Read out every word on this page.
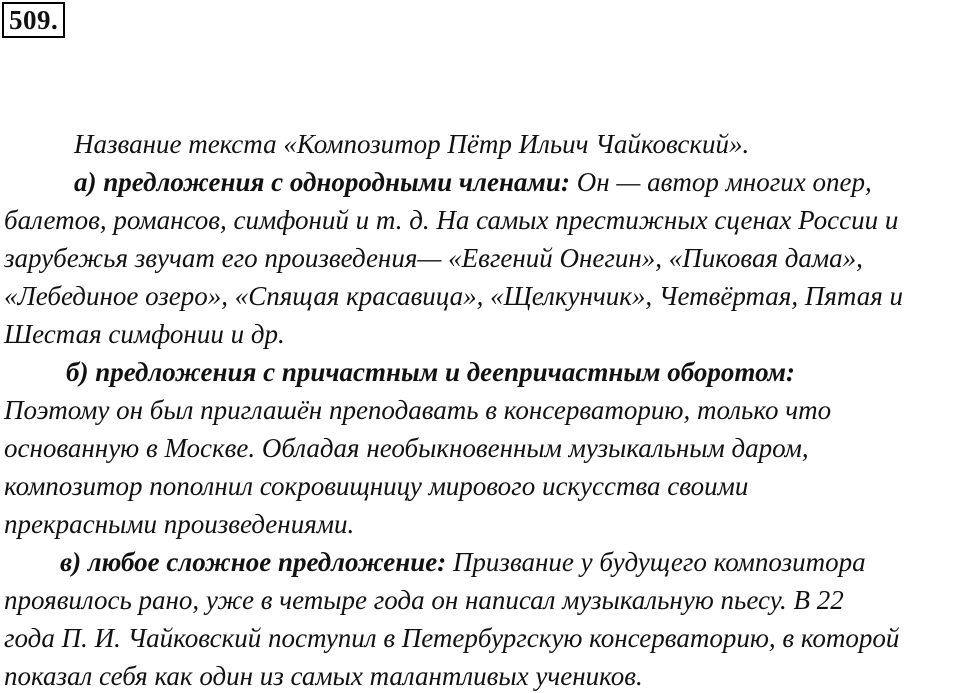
509.
Название текста «Композитор Пётр Ильич Чайковский».
а) предложения с однородными членами: Он — автор многих опер,
балетов, романсов, симфоний и т. д. На самых престижных сценах России и
зарубежья звучат его произведения— «Евгений Онегин», «Пиковая дама»,
«Лебединое озеро», «Спящая красавица», «Щелкунчик», Четвёртая, Пятая и
Шестая симфонии и др.
б) предложения с причастным и деепричастным оборотом:
Поэтому он был приглашён преподавать в консерваторию, только что
основанную в Москве. Обладая необыкновенным музыкальным даром,
композитор пополнил сокровищницу мирового искусства своими
прекрасными произведениями.
в) любое сложное предложение: Призвание у будущего композитора
проявилось рано, уже в четыре года он написал музыкальную пьесу. В 22
года П. И. Чайковский поступил в Петербургскую консерваторию, в которой
показал себя как один из самых талантливых учеников.
